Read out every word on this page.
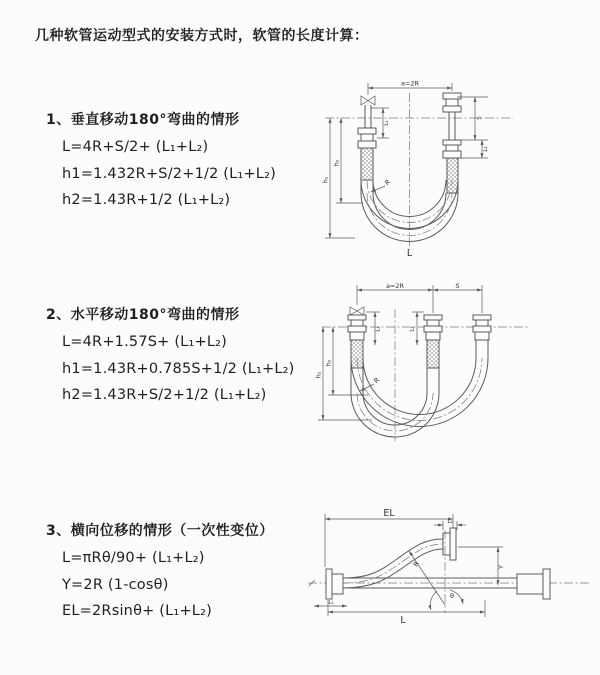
几种软管运动型式的安装方式时，软管的长度计算：
1、垂直移动180°弯曲的情形
L=4R+S/2+ (L₁+L₂)
h1=1.432R+S/2+1/2 (L₁+L₂)
h2=1.43R+1/2 (L₁+L₂)
2、水平移动180°弯曲的情形
L=4R+1.57S+ (L₁+L₂)
h1=1.43R+0.785S+1/2 (L₁+L₂)
h2=1.43R+S/2+1/2 (L₁+L₂)
3、横向位移的情形（一次性变位）
L=πRθ/90+ (L₁+L₂)
Y=2R (1-cosθ)
EL=2Rsinθ+ (L₁+L₂)
a=2R
L₁
S
L₂
h₁
h₂
R
L
a=2R	S
L₁	L₂
h₁
h₂
R
EL
L₂
Y
R
θ
L₁
L
